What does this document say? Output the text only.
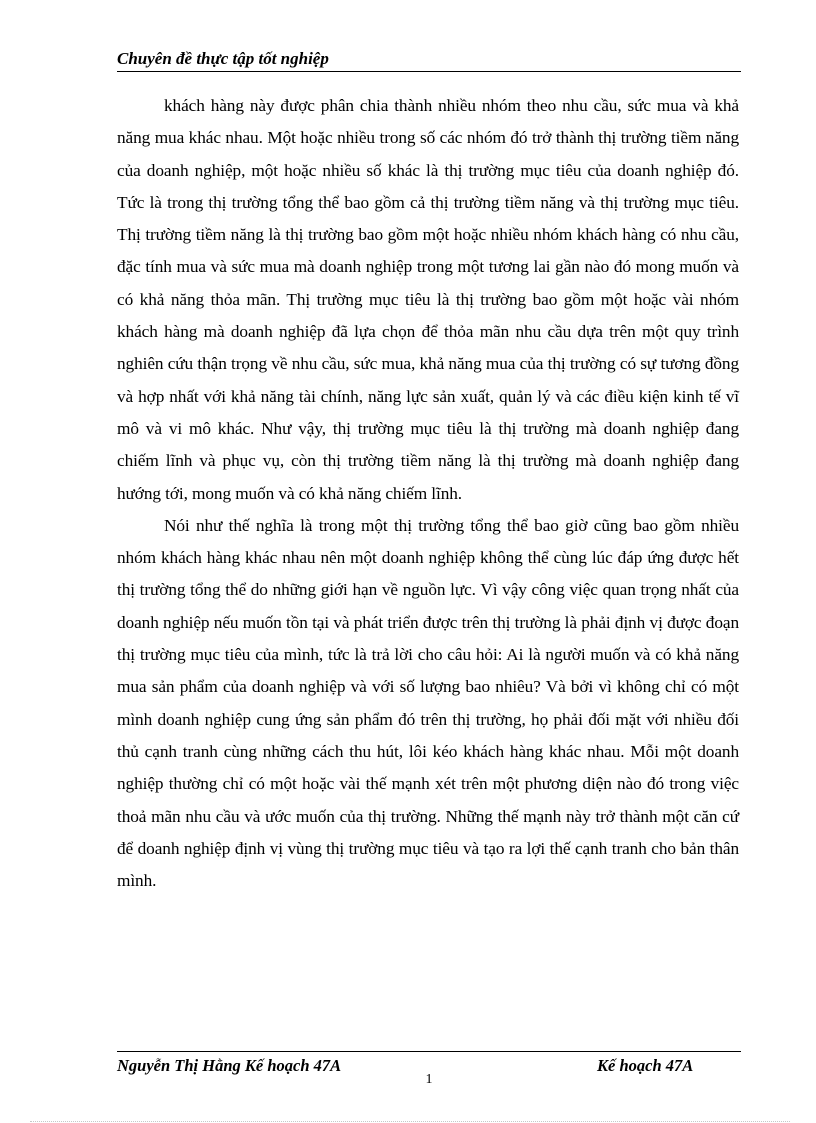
Chuyên đề thực tập tốt nghiệp

khách hàng này được phân chia thành nhiều nhóm theo nhu cầu, sức mua và khả năng mua khác nhau. Một hoặc nhiều trong số các nhóm đó trở thành thị trường tiềm năng của doanh nghiệp, một hoặc nhiều số khác là thị trường mục tiêu của doanh nghiệp đó. Tức là trong thị trường tổng thể bao gồm cả thị trường tiềm năng và thị trường mục tiêu. Thị trường tiềm năng là thị trường bao gồm một hoặc nhiều nhóm khách hàng có nhu cầu, đặc tính mua và sức mua mà doanh nghiệp trong một tương lai gần nào đó mong muốn và có khả năng thỏa mãn. Thị trường mục tiêu là thị trường bao gồm một hoặc vài nhóm khách hàng mà doanh nghiệp đã lựa chọn để thỏa mãn nhu cầu dựa trên một quy trình nghiên cứu thận trọng về nhu cầu, sức mua, khả năng mua của thị trường có sự tương đồng và hợp nhất với khả năng tài chính, năng lực sản xuất, quản lý và các điều kiện kinh tế vĩ mô và vi mô khác. Như vậy, thị trường mục tiêu là thị trường mà doanh nghiệp đang chiếm lĩnh và phục vụ, còn thị trường tiềm năng là thị trường mà doanh nghiệp đang hướng tới, mong muốn và có khả năng chiếm lĩnh.

Nói như thế nghĩa là trong một thị trường tổng thể bao giờ cũng bao gồm nhiều nhóm khách hàng khác nhau nên một doanh nghiệp không thể cùng lúc đáp ứng được hết thị trường tổng thể do những giới hạn về nguồn lực. Vì vậy công việc quan trọng nhất của doanh nghiệp nếu muốn tồn tại và phát triển được trên thị trường là phải định vị được đoạn thị trường mục tiêu của mình, tức là trả lời cho câu hỏi: Ai là người muốn và có khả năng mua sản phẩm của doanh nghiệp và với số lượng bao nhiêu? Và bởi vì không chỉ có một mình doanh nghiệp cung ứng sản phẩm đó trên thị trường, họ phải đối mặt với nhiều đối thủ cạnh tranh cùng những cách thu hút, lôi kéo khách hàng khác nhau. Mỗi một doanh nghiệp thường chỉ có một hoặc vài thế mạnh xét trên một phương diện nào đó trong việc thoả mãn nhu cầu và ước muốn của thị trường. Những thế mạnh này trở thành một căn cứ để doanh nghiệp định vị vùng thị trường mục tiêu và tạo ra lợi thế cạnh tranh cho bản thân mình.

Nguyễn Thị Hằng Kế hoạch 47A	Kế hoạch 47A
1
